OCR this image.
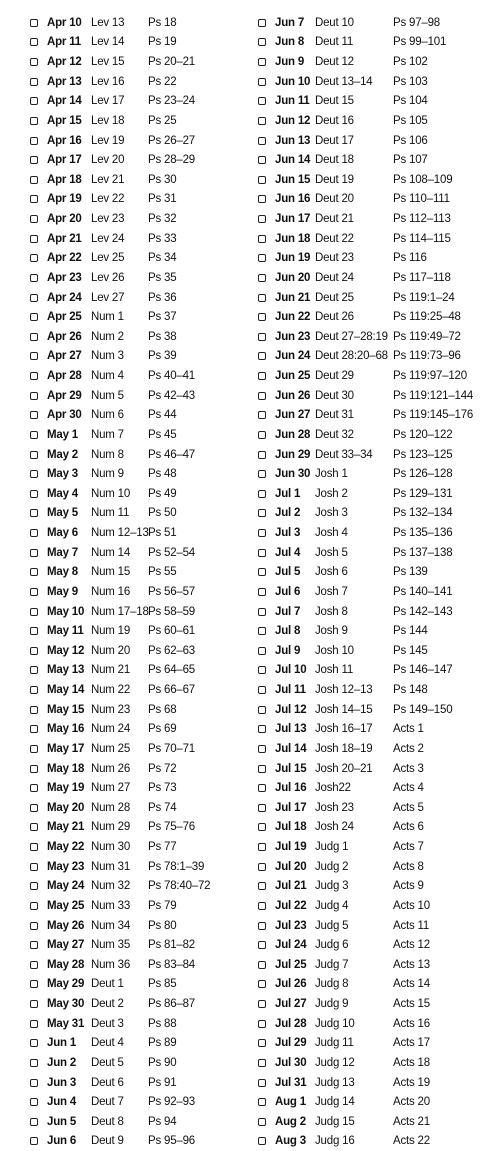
Apr 10 Lev 13	Ps 18
Apr 11 Lev 14	Ps 19
Apr 12 Lev 15	Ps 20–21
Apr 13 Lev 16	Ps 22
Apr 14 Lev 17	Ps 23–24
Apr 15 Lev 18	Ps 25
Apr 16 Lev 19	Ps 26–27
Apr 17 Lev 20	Ps 28–29
Apr 18 Lev 21	Ps 30
Apr 19 Lev 22	Ps 31
Apr 20 Lev 23	Ps 32
Apr 21 Lev 24	Ps 33
Apr 22 Lev 25	Ps 34
Apr 23 Lev 26	Ps 35
Apr 24 Lev 27	Ps 36
Apr 25 Num 1	Ps 37
Apr 26 Num 2	Ps 38
Apr 27 Num 3	Ps 39
Apr 28 Num 4	Ps 40–41
Apr 29 Num 5	Ps 42–43
Apr 30 Num 6	Ps 44
May 1	Num 7	Ps 45
May 2	Num 8	Ps 46–47
May 3	Num 9	Ps 48
May 4	Num 10	Ps 49
May 5	Num 11	Ps 50
May 6	Num 12–13 Ps 51
May 7	Num 14	Ps 52–54
May 8	Num 15	Ps 55
May 9	Num 16	Ps 56–57
May 10 Num 17–18 Ps 58–59
May 11 Num 19	Ps 60–61
May 12 Num 20	Ps 62–63
May 13 Num 21	Ps 64–65
May 14 Num 22	Ps 66–67
May 15 Num 23	Ps 68
May 16 Num 24	Ps 69
May 17 Num 25	Ps 70–71
May 18 Num 26	Ps 72
May 19 Num 27	Ps 73
May 20 Num 28	Ps 74
May 21 Num 29	Ps 75–76
May 22 Num 30	Ps 77
May 23 Num 31	Ps 78:1–39
May 24 Num 32	Ps 78:40–72
May 25 Num 33	Ps 79
May 26 Num 34	Ps 80
May 27 Num 35	Ps 81–82
May 28 Num 36	Ps 83–84
May 29 Deut 1	Ps 85
May 30 Deut 2	Ps 86–87
May 31 Deut 3	Ps 88
Jun 1	Deut 4	Ps 89
Jun 2	Deut 5	Ps 90
Jun 3	Deut 6	Ps 91
Jun 4	Deut 7	Ps 92–93
Jun 5	Deut 8	Ps 94
Jun 6	Deut 9	Ps 95–96
Jun 7 Deut 10	Ps 97–98
Jun 8 Deut 11	Ps 99–101
Jun 9 Deut 12	Ps 102
Jun 10 Deut 13–14	Ps 103
Jun 11 Deut 15	Ps 104
Jun 12 Deut 16	Ps 105
Jun 13 Deut 17	Ps 106
Jun 14 Deut 18	Ps 107
Jun 15 Deut 19	Ps 108–109
Jun 16 Deut 20	Ps 110–111
Jun 17 Deut 21	Ps 112–113
Jun 18 Deut 22	Ps 114–115
Jun 19 Deut 23	Ps 116
Jun 20 Deut 24	Ps 117–118
Jun 21 Deut 25	Ps 119:1–24
Jun 22 Deut 26	Ps 119:25–48
Jun 23 Deut 27–28:19 Ps 119:49–72
Jun 24 Deut 28:20–68 Ps 119:73–96
Jun 25 Deut 29	Ps 119:97–120
Jun 26 Deut 30	Ps 119:121–144
Jun 27 Deut 31	Ps 119:145–176
Jun 28 Deut 32	Ps 120–122
Jun 29 Deut 33–34	Ps 123–125
Jun 30 Josh 1	Ps 126–128
Jul 1	Josh 2	Ps 129–131
Jul 2	Josh 3	Ps 132–134
Jul 3	Josh 4	Ps 135–136
Jul 4	Josh 5	Ps 137–138
Jul 5	Josh 6	Ps 139
Jul 6	Josh 7	Ps 140–141
Jul 7	Josh 8	Ps 142–143
Jul 8	Josh 9	Ps 144
Jul 9	Josh 10	Ps 145
Jul 10 Josh 11	Ps 146–147
Jul 11 Josh 12–13	Ps 148
Jul 12 Josh 14–15	Ps 149–150
Jul 13 Josh 16–17	Acts 1
Jul 14 Josh 18–19	Acts 2
Jul 15 Josh 20–21	Acts 3
Jul 16 Josh22	Acts 4
Jul 17 Josh 23	Acts 5
Jul 18 Josh 24	Acts 6
Jul 19 Judg 1	Acts 7
Jul 20 Judg 2	Acts 8
Jul 21 Judg 3	Acts 9
Jul 22 Judg 4	Acts 10
Jul 23 Judg 5	Acts 11
Jul 24 Judg 6	Acts 12
Jul 25 Judg 7	Acts 13
Jul 26 Judg 8	Acts 14
Jul 27 Judg 9	Acts 15
Jul 28 Judg 10	Acts 16
Jul 29 Judg 11	Acts 17
Jul 30 Judg 12	Acts 18
Jul 31 Judg 13	Acts 19
Aug 1 Judg 14	Acts 20
Aug 2 Judg 15	Acts 21
Aug 3 Judg 16	Acts 22
